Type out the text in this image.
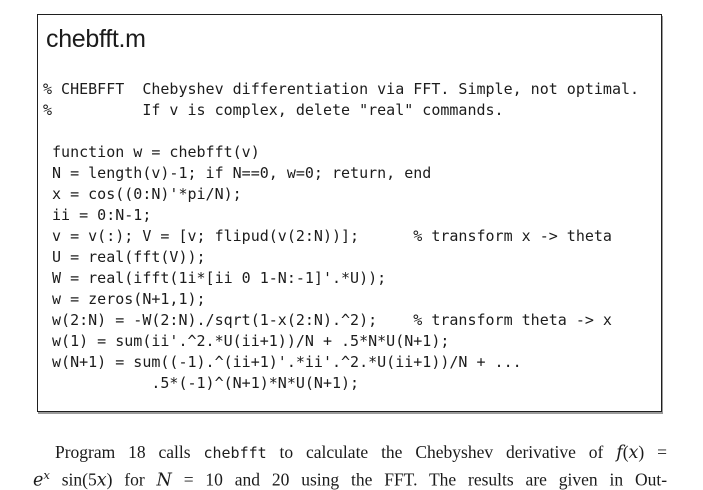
chebfft.m
% CHEBFFT  Chebyshev differentiation via FFT. Simple, not optimal.
%          If v is complex, delete "real" commands.

function w = chebfft(v)
N = length(v)-1; if N==0, w=0; return, end
x = cos((0:N)'*pi/N);
ii = 0:N-1;
v = v(:); V = [v; flipud(v(2:N))];      % transform x -> theta
U = real(fft(V));
W = real(ifft(1i*[ii 0 1-N:-1]'.*U));
w = zeros(N+1,1);
w(2:N) = -W(2:N)./sqrt(1-x(2:N).^2);    % transform theta -> x
w(1) = sum(ii'.^2.*U(ii+1))/N + .5*N*U(N+1);
w(N+1) = sum((-1).^(ii+1)'.*ii'.^2.*U(ii+1))/N + ...
.5*(-1)^(N+1)*N*U(N+1);
Program 18 calls chebfft to calculate the Chebyshev derivative of f(x) =
$e^x$ sin(5x) for N = 10 and 20 using the FFT. The results are given in Out-
